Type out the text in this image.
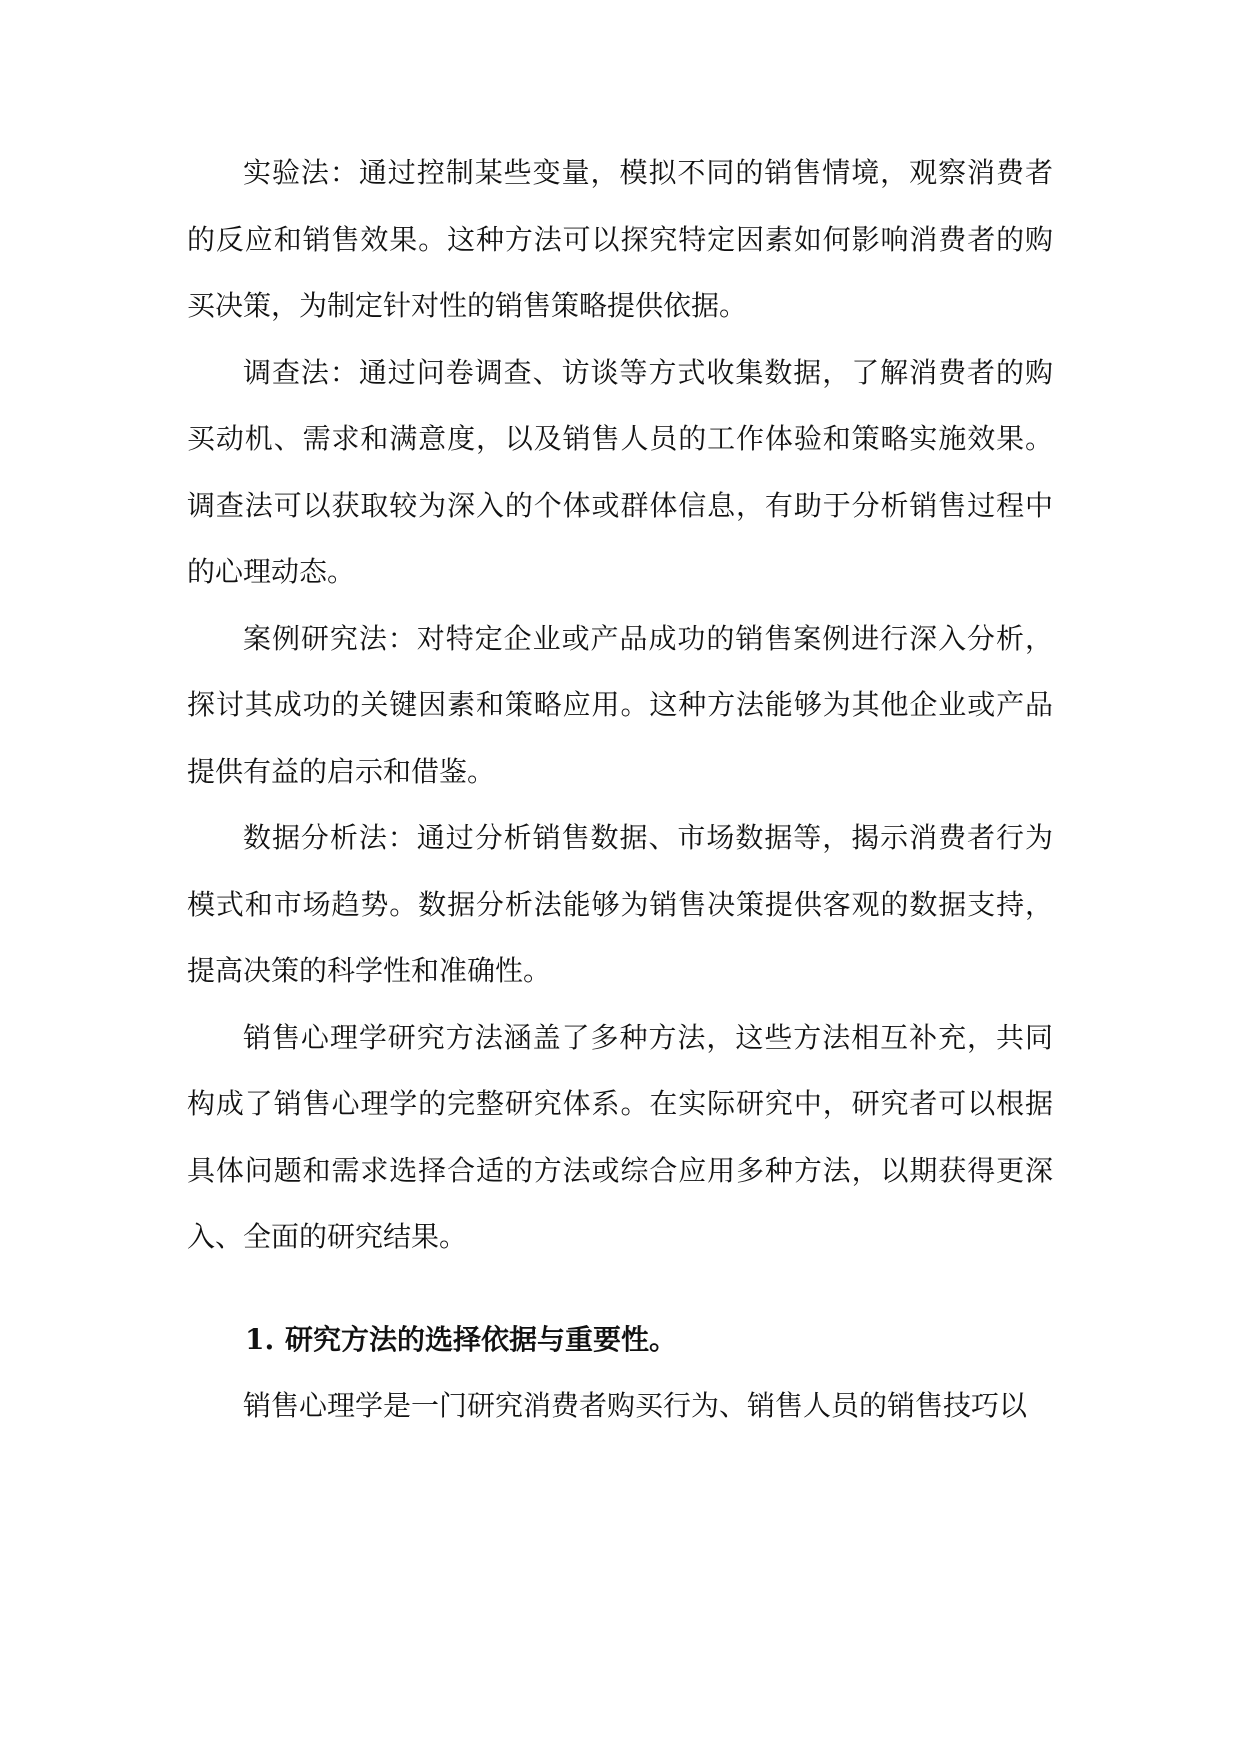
实验法：通过控制某些变量，模拟不同的销售情境，观察消费者的反应和销售效果。这种方法可以探究特定因素如何影响消费者的购买决策，为制定针对性的销售策略提供依据。

调查法：通过问卷调查、访谈等方式收集数据，了解消费者的购买动机、需求和满意度，以及销售人员的工作体验和策略实施效果。调查法可以获取较为深入的个体或群体信息，有助于分析销售过程中的心理动态。

案例研究法：对特定企业或产品成功的销售案例进行深入分析，探讨其成功的关键因素和策略应用。这种方法能够为其他企业或产品提供有益的启示和借鉴。

数据分析法：通过分析销售数据、市场数据等，揭示消费者行为模式和市场趋势。数据分析法能够为销售决策提供客观的数据支持，提高决策的科学性和准确性。

销售心理学研究方法涵盖了多种方法，这些方法相互补充，共同构成了销售心理学的完整研究体系。在实际研究中，研究者可以根据具体问题和需求选择合适的方法或综合应用多种方法，以期获得更深入、全面的研究结果。

1. 研究方法的选择依据与重要性。

销售心理学是一门研究消费者购买行为、销售人员的销售技巧以
